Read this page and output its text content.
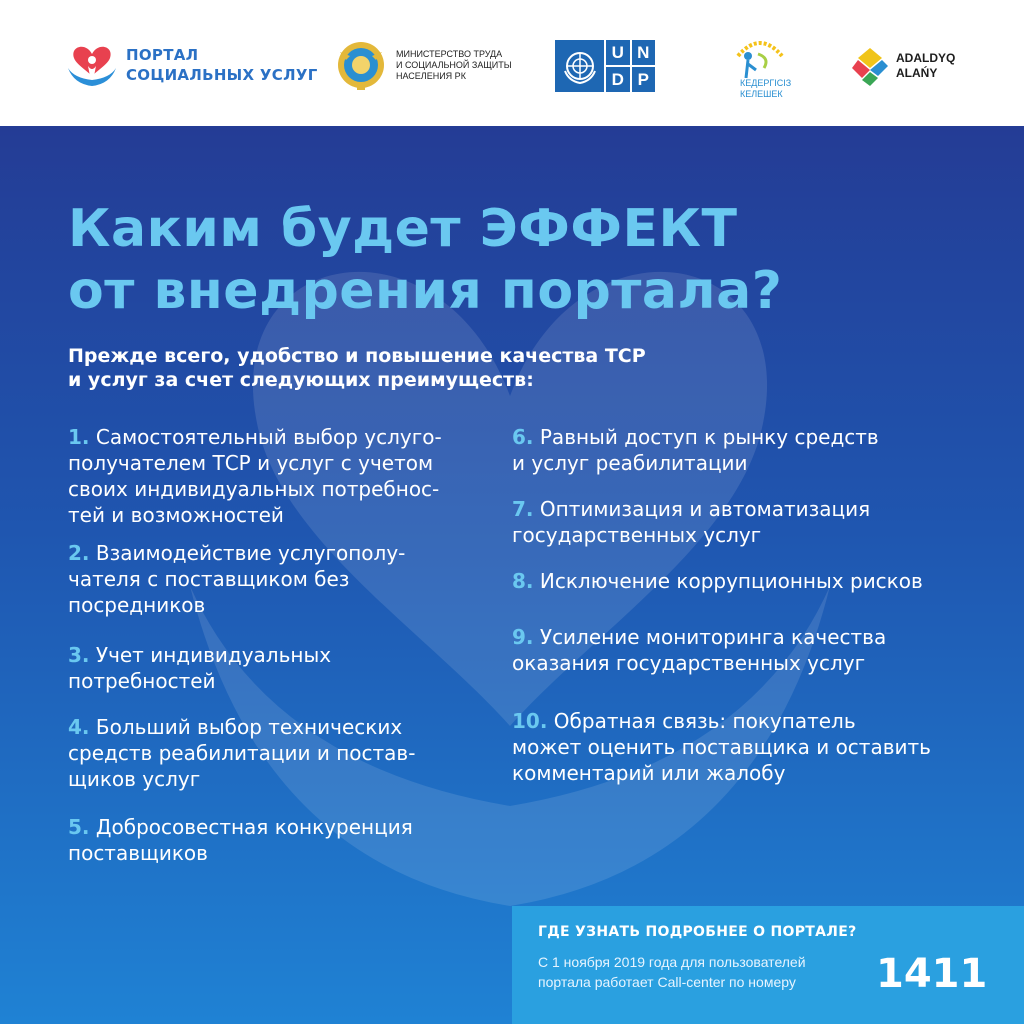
ПОРТАЛ
СОЦИАЛЬНЫХ УСЛУГ
МИНИСТЕРСТВО ТРУДА
И СОЦИАЛЬНОЙ ЗАЩИТЫ
НАСЕЛЕНИЯ РК
U N
D P	КЕДЕРГІСІЗ
КЕЛЕШЕК
ADALDYQ
ALAŃY
Каким будет ЭФФЕКТ
от внедрения портала?
Прежде всего, удобство и повышение качества ТСР
и услуг за счет следующих преимуществ:
1. Самостоятельный выбор услуго-
получателем ТСР и услуг с учетом
своих индивидуальных потребнос-
тей и возможностей
2. Взаимодействие услугополу-
чателя с поставщиком без
посредников
3. Учет индивидуальных
потребностей
4. Больший выбор технических
средств реабилитации и постав-
щиков услуг
5. Добросовестная конкуренция
поставщиков
6. Равный доступ к рынку средств
и услуг реабилитации
7. Оптимизация и автоматизация
государственных услуг
8. Исключение коррупционных рисков
9. Усиление мониторинга качества
оказания государственных услуг
10. Обратная связь: покупатель
может оценить поставщика и оставить
комментарий или жалобу
ГДЕ УЗНАТЬ ПОДРОБНЕЕ О ПОРТАЛЕ?
С 1 ноября 2019 года для пользователей
портала работает Call-center по номеру	1411
